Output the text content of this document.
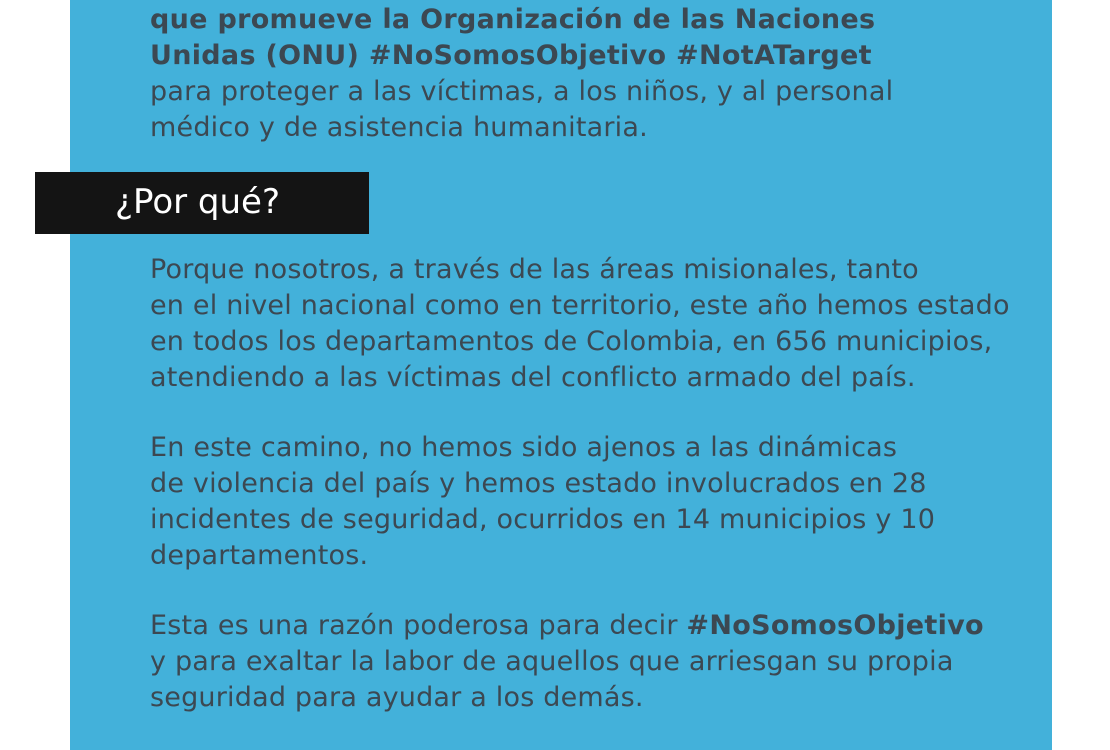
que promueve la Organización de las Naciones
Unidas (ONU) #NoSomosObjetivo #NotATarget
para proteger a las víctimas, a los niños, y al personal
médico y de asistencia humanitaria.
¿Por qué?
Porque nosotros, a través de las áreas misionales, tanto
en el nivel nacional como en territorio, este año hemos estado
en todos los departamentos de Colombia, en 656 municipios,
atendiendo a las víctimas del conflicto armado del país.
En este camino, no hemos sido ajenos a las dinámicas
de violencia del país y hemos estado involucrados en 28
incidentes de seguridad, ocurridos en 14 municipios y 10
departamentos.
Esta es una razón poderosa para decir #NoSomosObjetivo
y para exaltar la labor de aquellos que arriesgan su propia
seguridad para ayudar a los demás.
